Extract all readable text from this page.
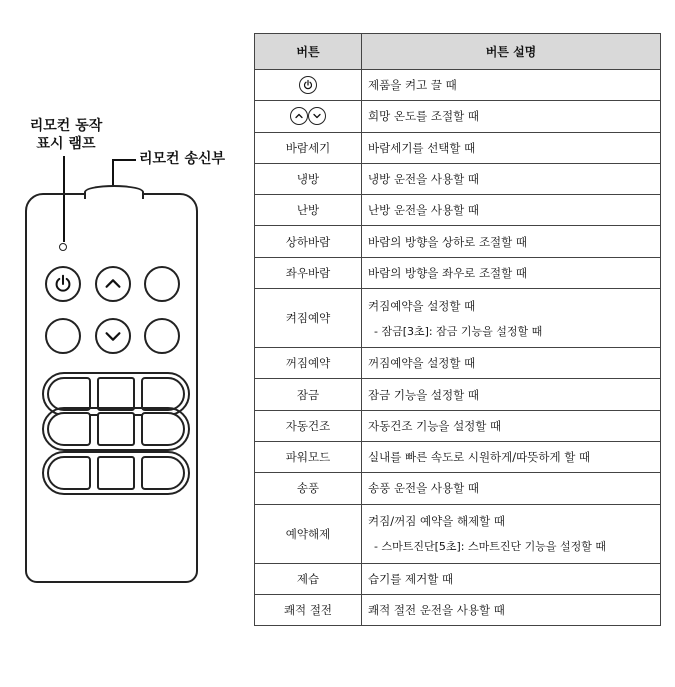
리모컨 동작
표시 램프
리모컨 송신부
버튼	버튼 설명

	제품을 켜고 끌 때

	희망 온도를 조절할 때
바람세기	바람세기를 선택할 때
냉방	냉방 운전을 사용할 때
난방	난방 운전을 사용할 때
상하바람	바람의 방향을 상하로 조절할 때
좌우바람	바람의 방향을 좌우로 조절할 때
켜짐예약	켜짐예약을 설정할 때
- 잠금[3초]: 잠금 기능을 설정할 때

꺼짐예약	꺼짐예약을 설정할 때
잠금	잠금 기능을 설정할 때
자동건조	자동건조 기능을 설정할 때
파워모드	실내를 빠른 속도로 시원하게/따뜻하게 할 때
송풍	송풍 운전을 사용할 때
예약해제	켜짐/꺼짐 예약을 해제할 때
- 스마트진단[5초]: 스마트진단 기능을 설정할 때

제습	습기를 제거할 때
쾌적 절전	쾌적 절전 운전을 사용할 때
